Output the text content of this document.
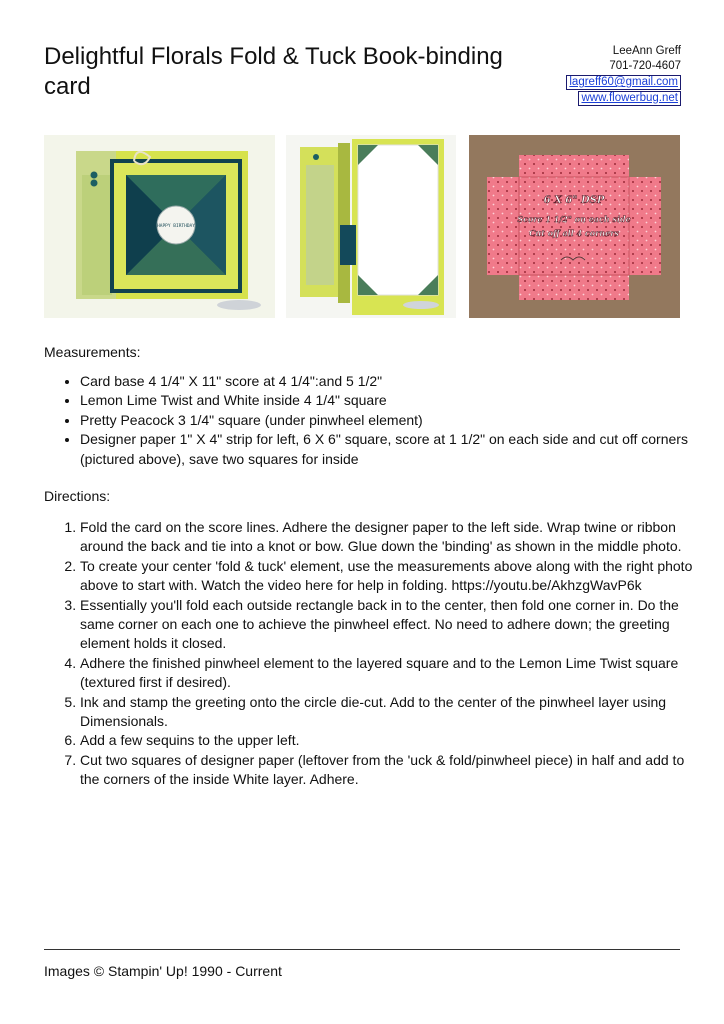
Delightful Florals Fold & Tuck Book-binding card
LeeAnn Greff
701-720-4607
lagreff60@gmail.com
www.flowerbug.net
HAPPY BIRTHDAY
6 X 6" DSP
Score 1 1/2" on each side
Cut off all 4 corners

Measurements:

• Card base 4 1/4" X 11" score at 4 1/4":and 5 1/2"
• Lemon Lime Twist and White inside 4 1/4" square
• Pretty Peacock 3 1/4" square (under pinwheel element)
• Designer paper 1" X 4" strip for left, 6 X 6" square, score at 1 1/2" on each side and cut off corners (pictured above), save two squares for inside

Directions:

1. Fold the card on the score lines. Adhere the designer paper to the left side. Wrap twine or ribbon around the back and tie into a knot or bow. Glue down the 'binding' as shown in the middle photo.
2. To create your center 'fold & tuck' element, use the measurements above along with the right photo above to start with. Watch the video here for help in folding. https://youtu.be/AkhzgWavP6k
3. Essentially you'll fold each outside rectangle back in to the center, then fold one corner in. Do the same corner on each one to achieve the pinwheel effect. No need to adhere down; the greeting element holds it closed.
4. Adhere the finished pinwheel element to the layered square and to the Lemon Lime Twist square (textured first if desired).
5. Ink and stamp the greeting onto the circle die-cut. Add to the center of the pinwheel layer using Dimensionals.
6. Add a few sequins to the upper left.
7. Cut two squares of designer paper (leftover from the 'uck & fold/pinwheel piece) in half and add to the corners of the inside White layer. Adhere.
Images © Stampin' Up! 1990 - Current
